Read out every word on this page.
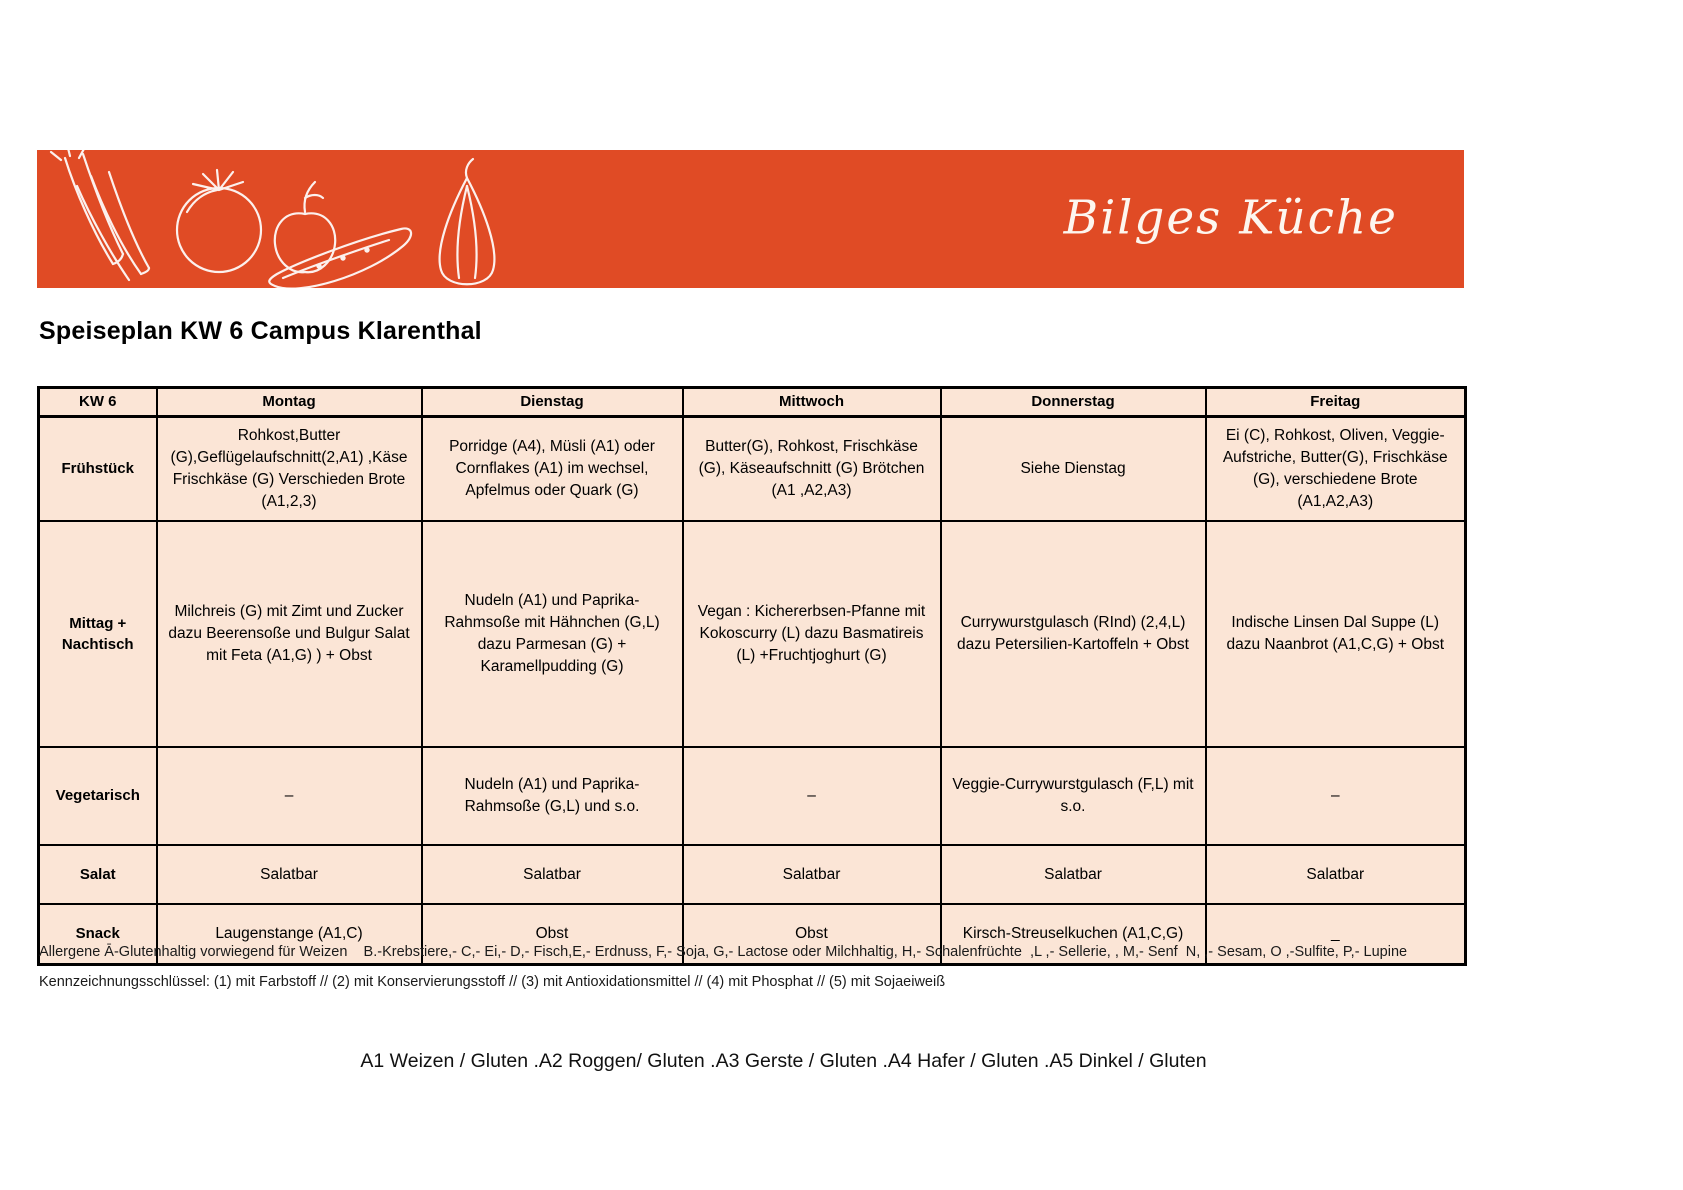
Bilges Küche
Speiseplan KW 6 Campus Klarenthal
KW 6	Montag	Dienstag	Mittwoch	Donnerstag	Freitag
Frühstück	Rohkost,Butter (G),Geflügelaufschnitt(2,A1) ,Käse Frischkäse (G) Verschieden Brote (A1,2,3)	Porridge (A4), Müsli (A1) oder Cornflakes (A1) im wechsel, Apfelmus oder Quark (G)	Butter(G), Rohkost, Frischkäse (G), Käseaufschnitt (G) Brötchen (A1 ,A2,A3)	Siehe Dienstag	Ei (C), Rohkost, Oliven, Veggie-Aufstriche, Butter(G), Frischkäse (G), verschiedene Brote (A1,A2,A3)
Mittag + Nachtisch	Milchreis (G) mit Zimt und Zucker dazu Beerensoße und Bulgur Salat mit Feta (A1,G) ) + Obst	Nudeln (A1) und Paprika-Rahmsoße mit Hähnchen (G,L) dazu Parmesan (G) + Karamellpudding (G)	Vegan : Kichererbsen-Pfanne mit Kokoscurry (L) dazu Basmatireis (L) +Fruchtjoghurt (G)	Currywurstgulasch (RInd) (2,4,L) dazu Petersilien-Kartoffeln + Obst	Indische Linsen Dal Suppe (L) dazu Naanbrot (A1,C,G) + Obst
Vegetarisch	–	Nudeln (A1) und Paprika-Rahmsoße (G,L) und s.o.	–	Veggie-Currywurstgulasch (F,L) mit s.o.	–
Salat	Salatbar	Salatbar	Salatbar	Salatbar	Salatbar
Snack	Laugenstange (A1,C)	Obst	Obst	Kirsch-Streuselkuchen (A1,C,G)	_
Allergene Ā-Glutenhaltig vorwiegend für Weizen    B.-Krebstiere,- C,- Ei,- D,- Fisch,E,- Erdnuss, F,- Soja, G,- Lactose oder Milchhaltig, H,- Schalenfrüchte  ,L ,- Sellerie, , M,- Senf  N, ,- Sesam, O ,-Sulfite, P,- Lupine
Kennzeichnungsschlüssel: (1) mit Farbstoff // (2) mit Konservierungsstoff // (3) mit Antioxidationsmittel // (4) mit Phosphat // (5) mit Sojaeiweiß
A1 Weizen / Gluten .A2 Roggen/ Gluten .A3 Gerste / Gluten .A4 Hafer / Gluten .A5 Dinkel / Gluten
